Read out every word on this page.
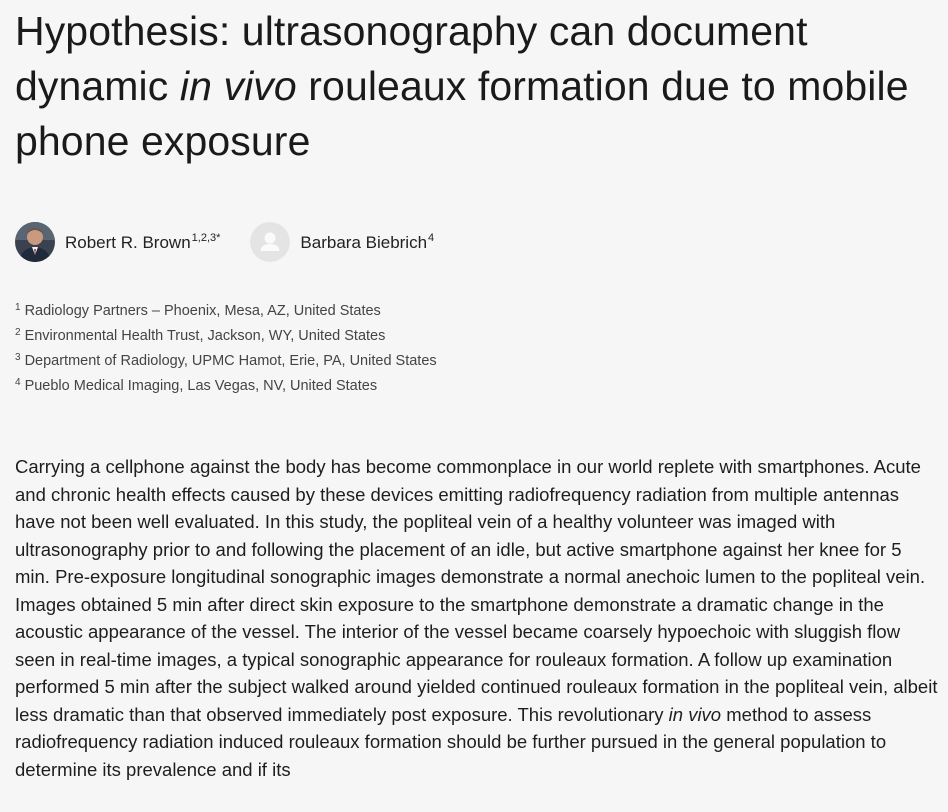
Hypothesis: ultrasonography can document dynamic in vivo rouleaux formation due to mobile phone exposure
Robert R. Brown$^{1,2,3*}$	Barbara Biebrich$^4$
$^1$ Radiology Partners – Phoenix, Mesa, AZ, United States
$^2$ Environmental Health Trust, Jackson, WY, United States
$^3$ Department of Radiology, UPMC Hamot, Erie, PA, United States
$^4$ Pueblo Medical Imaging, Las Vegas, NV, United States

Carrying a cellphone against the body has become commonplace in our world replete with smartphones. Acute and chronic health effects caused by these devices emitting radiofrequency radiation from multiple antennas have not been well evaluated. In this study, the popliteal vein of a healthy volunteer was imaged with ultrasonography prior to and following the placement of an idle, but active smartphone against her knee for 5 min. Pre-exposure longitudinal sonographic images demonstrate a normal anechoic lumen to the popliteal vein. Images obtained 5 min after direct skin exposure to the smartphone demonstrate a dramatic change in the acoustic appearance of the vessel. The interior of the vessel became coarsely hypoechoic with sluggish flow seen in real-time images, a typical sonographic appearance for rouleaux formation. A follow up examination performed 5 min after the subject walked around yielded continued rouleaux formation in the popliteal vein, albeit less dramatic than that observed immediately post exposure. This revolutionary in vivo method to assess radiofrequency radiation induced rouleaux formation should be further pursued in the general population to determine its prevalence and if its
